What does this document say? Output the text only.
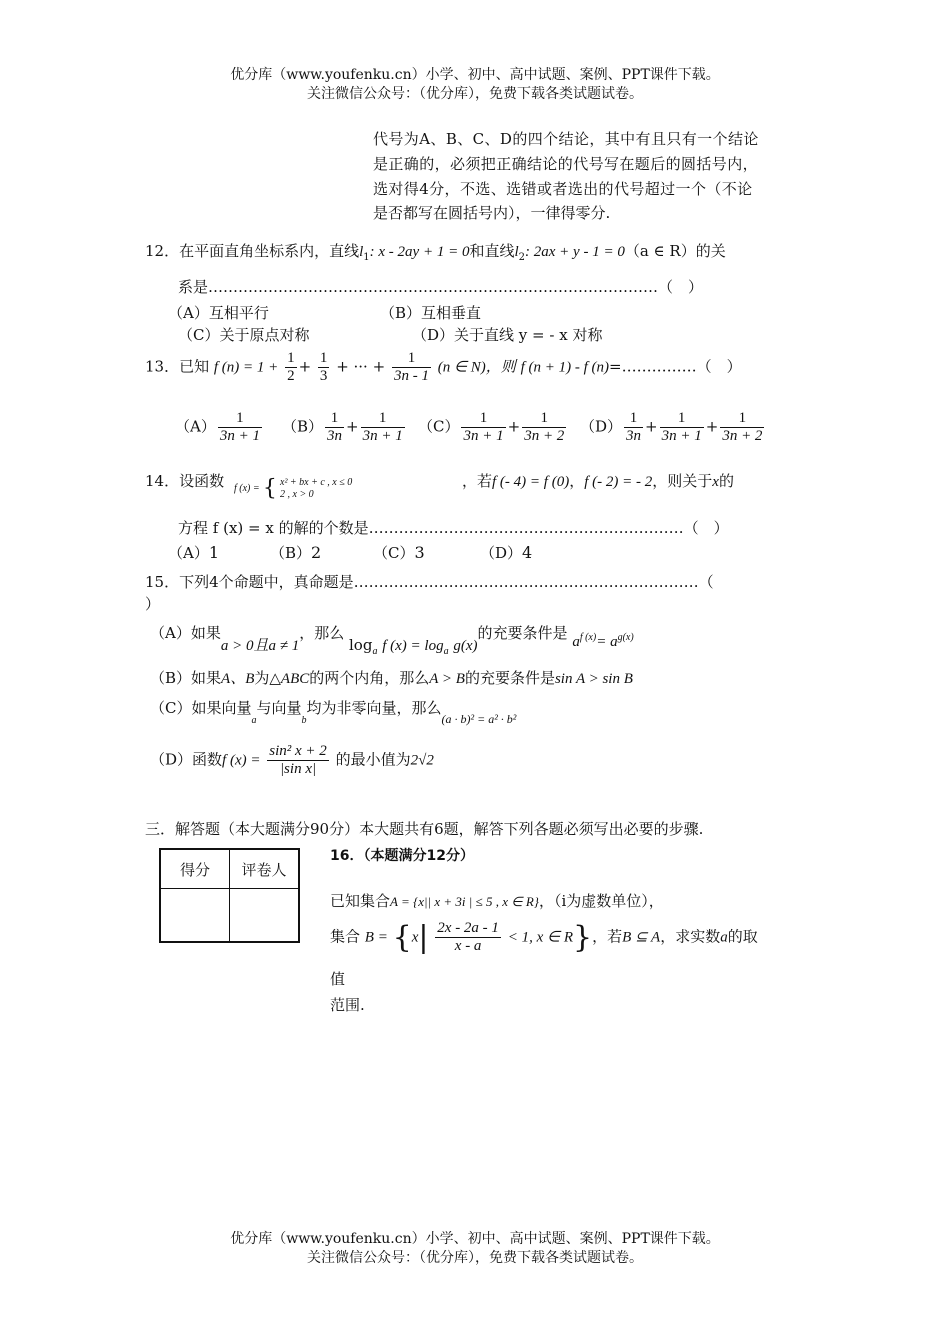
优分库（www.youfenku.cn）小学、初中、高中试题、案例、PPT课件下载。
关注微信公众号：（优分库），免费下载各类试题试卷。
代号为A、B、C、D的四个结论，其中有且只有一个结论
是正确的，必须把正确结论的代号写在题后的圆括号内，
选对得4分，不选、选错或者选出的代号超过一个（不论
是否都写在圆括号内），一律得零分.
12．在平面直角坐标系内，直线$l_1$: x - 2ay + 1 = 0和直线$l_2$: 2ax + y - 1 = 0（a ∈ R）的关
系是………………………………………………………………………………（　）
（A）互相平行	（B）互相垂直
（C）关于原点对称	（D）关于直线 y = - x 对称
13．已知 f $(n) = 1 + \frac{1}{2} + \frac{1}{3}$ + ··· + $\frac{1}{3n - 1} (n$ ∈ N)，则 f (n + 1) - f (n)=……………（　）
$(A) \frac{1}{3n + 1} (B) \frac{1}{3n} + \frac{1}{3n + 1} (C) \frac{1}{3n + 1} + \frac{1}{3n + 2} (D) \frac{1}{3n} + \frac{1}{3n + 1} + \frac{1}{3n + 2}$
14．设函数 f (x) = { x² + bx + c , x ≤ 0
2 , x > 0
，若f (- 4) = f (0)，f (- 2) = - 2，则关于x的
方程 f (x) = x 的解的个数是………………………………………………………（　）
（A）1	（B）2	（C）3	（D）4
15．下列4个命题中，真命题是……………………………………………………………（
）
（A）如果a > 0且a ≠ 1，那么 $\log_a f$ $(x) = \log_a g(x)$的充要条件是 $a^{f (x)}= a^{g(x)}$
（B）如果A、B为△ABC的两个内角，那么A > B的充要条件是sin A > sin B
（C）如果向量$_a$与向量$_b$均为非零向量，那么$_{(a \cdot b)^2 = a^2 \cdot b^2}$
（D）函数f $(x) = \frac{\text{sin² x + 2}}{\text{|sin x|}}$ 的最小值为2√2
三．解答题（本大题满分90分）本大题共有6题，解答下列各题必须写出必要的步骤.
得分	评卷人

16．（本题满分12分）
已知集合A = {x|| x + 3i | ≤ 5 , x ∈ R}，（i为虚数单位），
集合 $B = \{x| \frac{2x - 2a - 1}{x - a} < 1$, x ∈ R}，若B ⊆ A，求实数a的取
值
范围.
优分库（www.youfenku.cn）小学、初中、高中试题、案例、PPT课件下载。
关注微信公众号：（优分库），免费下载各类试题试卷。
